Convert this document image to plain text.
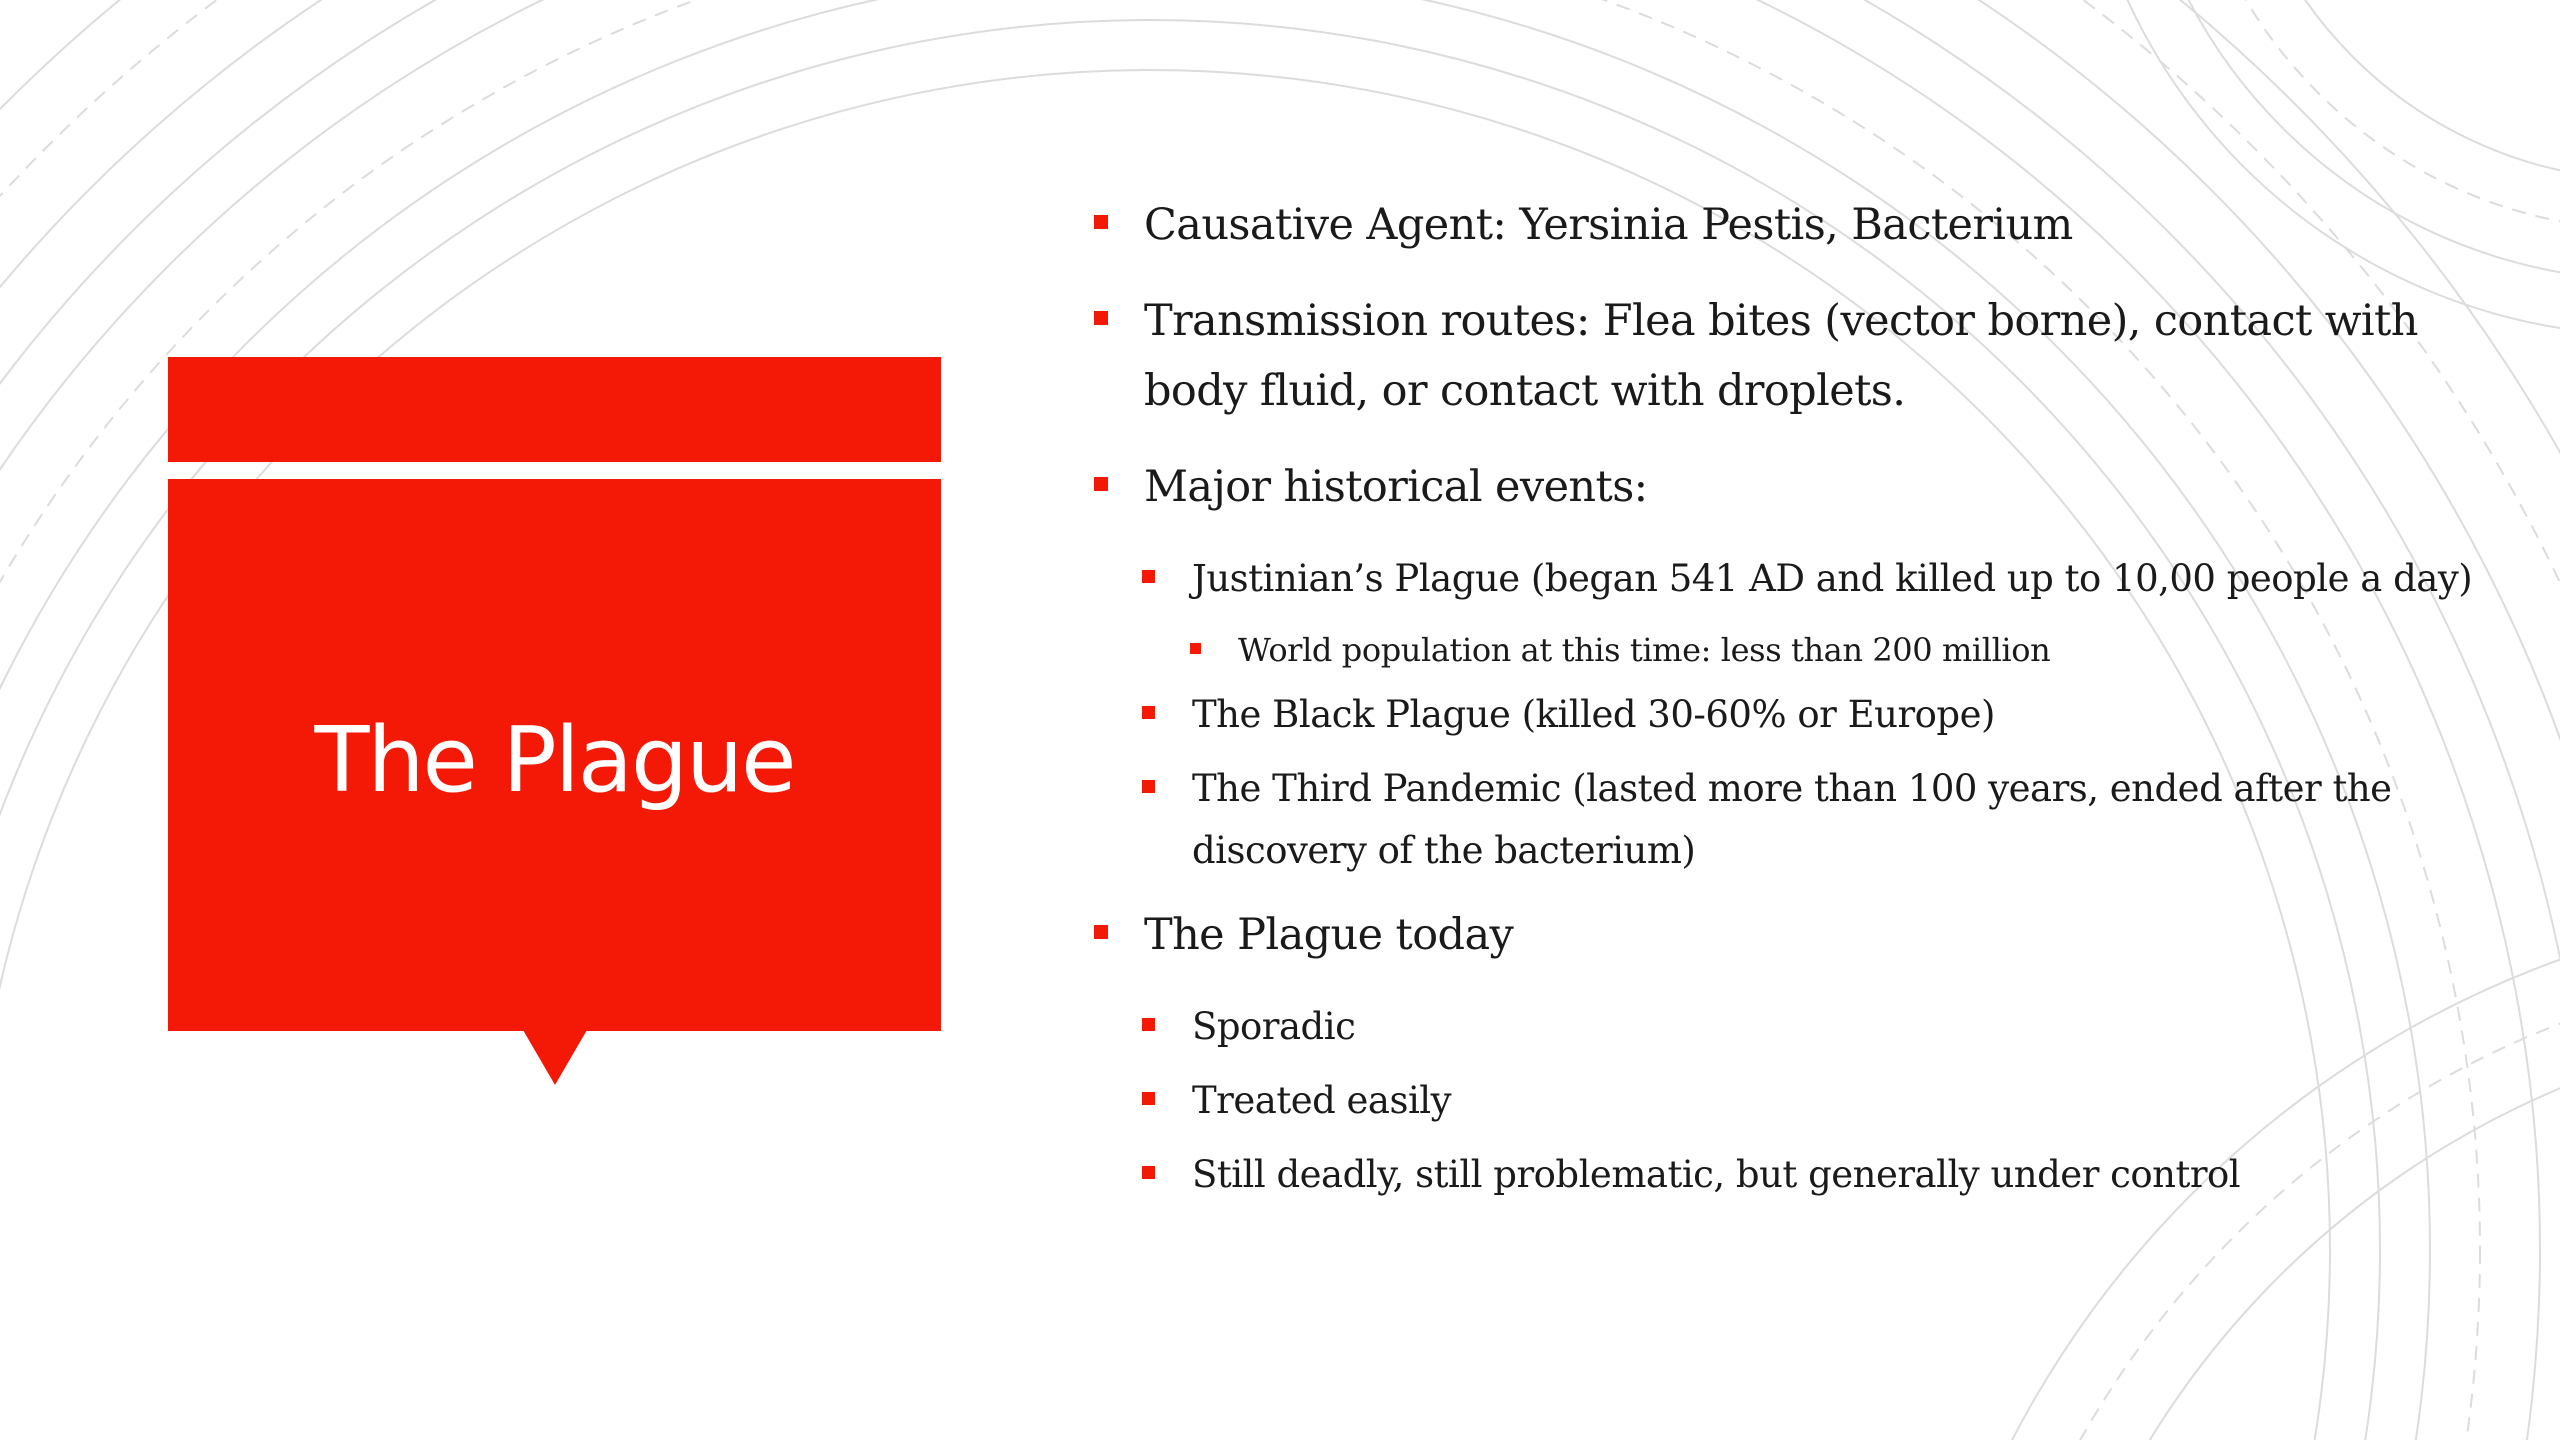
The Plague
Causative Agent: Yersinia Pestis, Bacterium
Transmission routes: Flea bites (vector borne), contact with body fluid, or contact with droplets.
Major historical events:
Justinian’s Plague (began 541 AD and killed up to 10,00 people a day)
World population at this time: less than 200 million
The Black Plague (killed 30-60% or Europe)
The Third Pandemic (lasted more than 100 years, ended after the discovery of the bacterium)
The Plague today
Sporadic
Treated easily
Still deadly, still problematic, but generally under control
